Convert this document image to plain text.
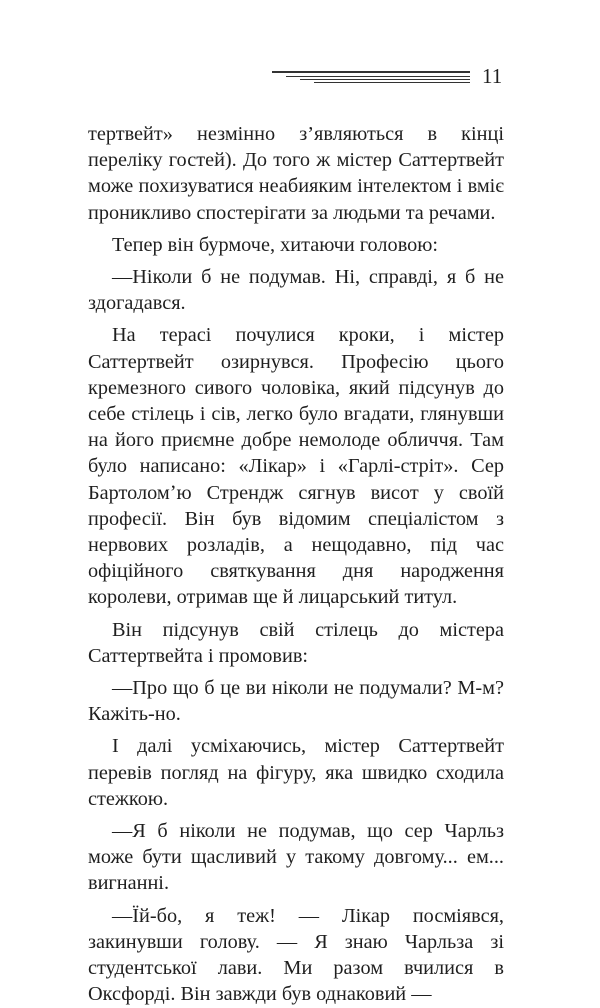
11

тертвейт» незмінно з’являються в кінці переліку гостей). До того ж містер Саттертвейт може похизуватися неабияким інтелектом і вміє проникливо спостерігати за людьми та речами.

Тепер він бурмоче, хитаючи головою:

—Ніколи б не подумав. Ні, справді, я б не здогадався.

На терасі почулися кроки, і містер Саттертвейт озирнувся. Професію цього кремезного сивого чоловіка, який підсунув до себе стілець і сів, легко було вгадати, глянувши на його приємне добре немолоде обличчя. Там було написано: «Лікар» і «Гарлі-стріт». Сер Бартоломʼю Стрендж сягнув висот у своїй професії. Він був відомим спеціалістом з нервових розладів, а нещодавно, під час офіційного святкування дня народження королеви, отримав ще й лицарський титул.

Він підсунув свій стілець до містера Саттертвейта і промовив:

—Про що б це ви ніколи не подумали? М-м? Кажіть-но.

І далі усміхаючись, містер Саттертвейт перевів погляд на фігуру, яка швидко сходила стежкою.

—Я б ніколи не подумав, що сер Чарльз може бути щасливий у такому довгому... ем... вигнанні.

—Їй-бо, я теж! — Лікар посміявся, закинувши голову. — Я знаю Чарльза зі студентської лави. Ми разом вчилися в Оксфорді. Він завжди був однаковий —
